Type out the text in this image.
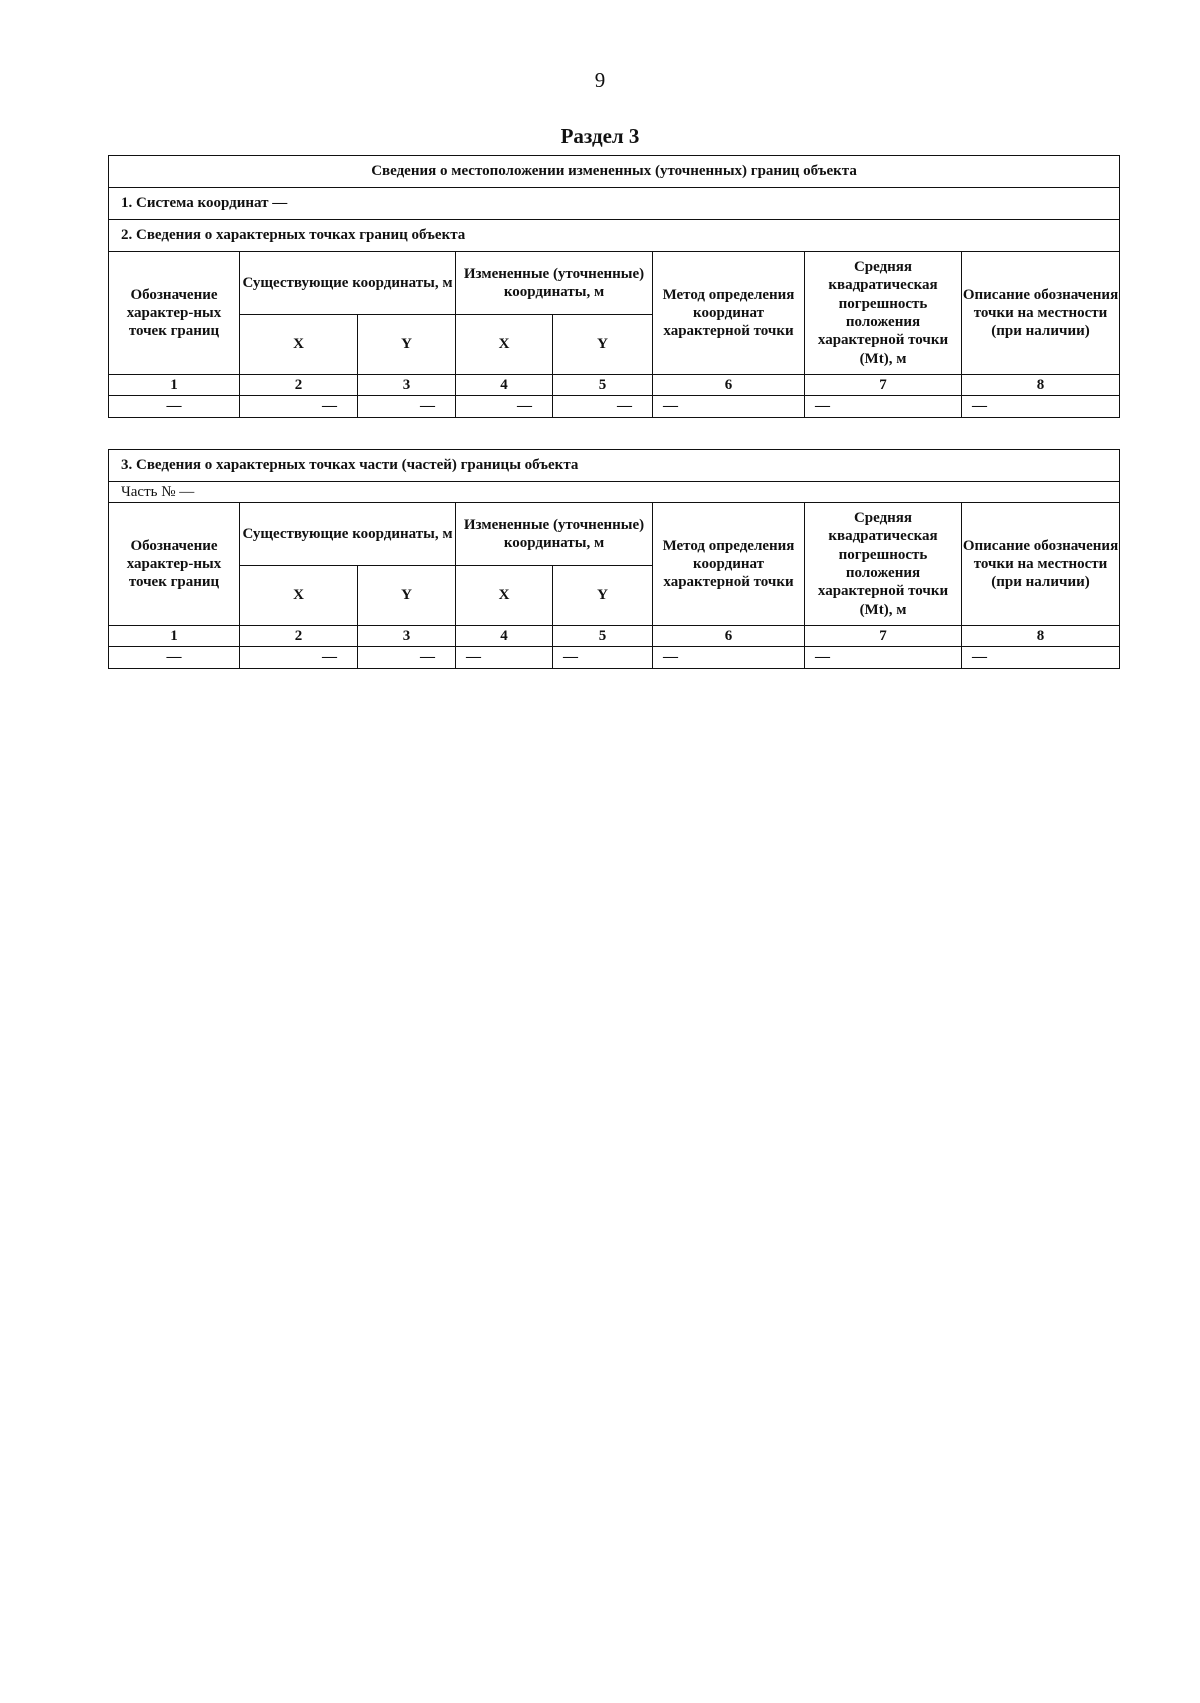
9
Раздел 3
Сведения о местоположении измененных (уточненных) границ объекта							
1. Система координат —							
2. Сведения о характерных точках границ объекта							
Обозначение характер-ных точек границ	Существующие координаты, м		Измененные (уточненные) координаты, м		Метод определения координат характерной точки	Средняя квадратическая погрешность положения характерной точки (Mt), м	Описание обозначения точки на местности (при наличии)
	X	Y	X	Y			
1	2	3	4	5	6	7	8
—	—	—	—	—	—	—	—
3. Сведения о характерных точках части (частей) границы объекта							
Часть № —							
Обозначение характер-ных точек границ	Существующие координаты, м		Измененные (уточненные) координаты, м		Метод определения координат характерной точки	Средняя квадратическая погрешность положения характерной точки (Mt), м	Описание обозначения точки на местности (при наличии)
	X	Y	X	Y			
1	2	3	4	5	6	7	8
—	—	—	—	—	—	—	—
